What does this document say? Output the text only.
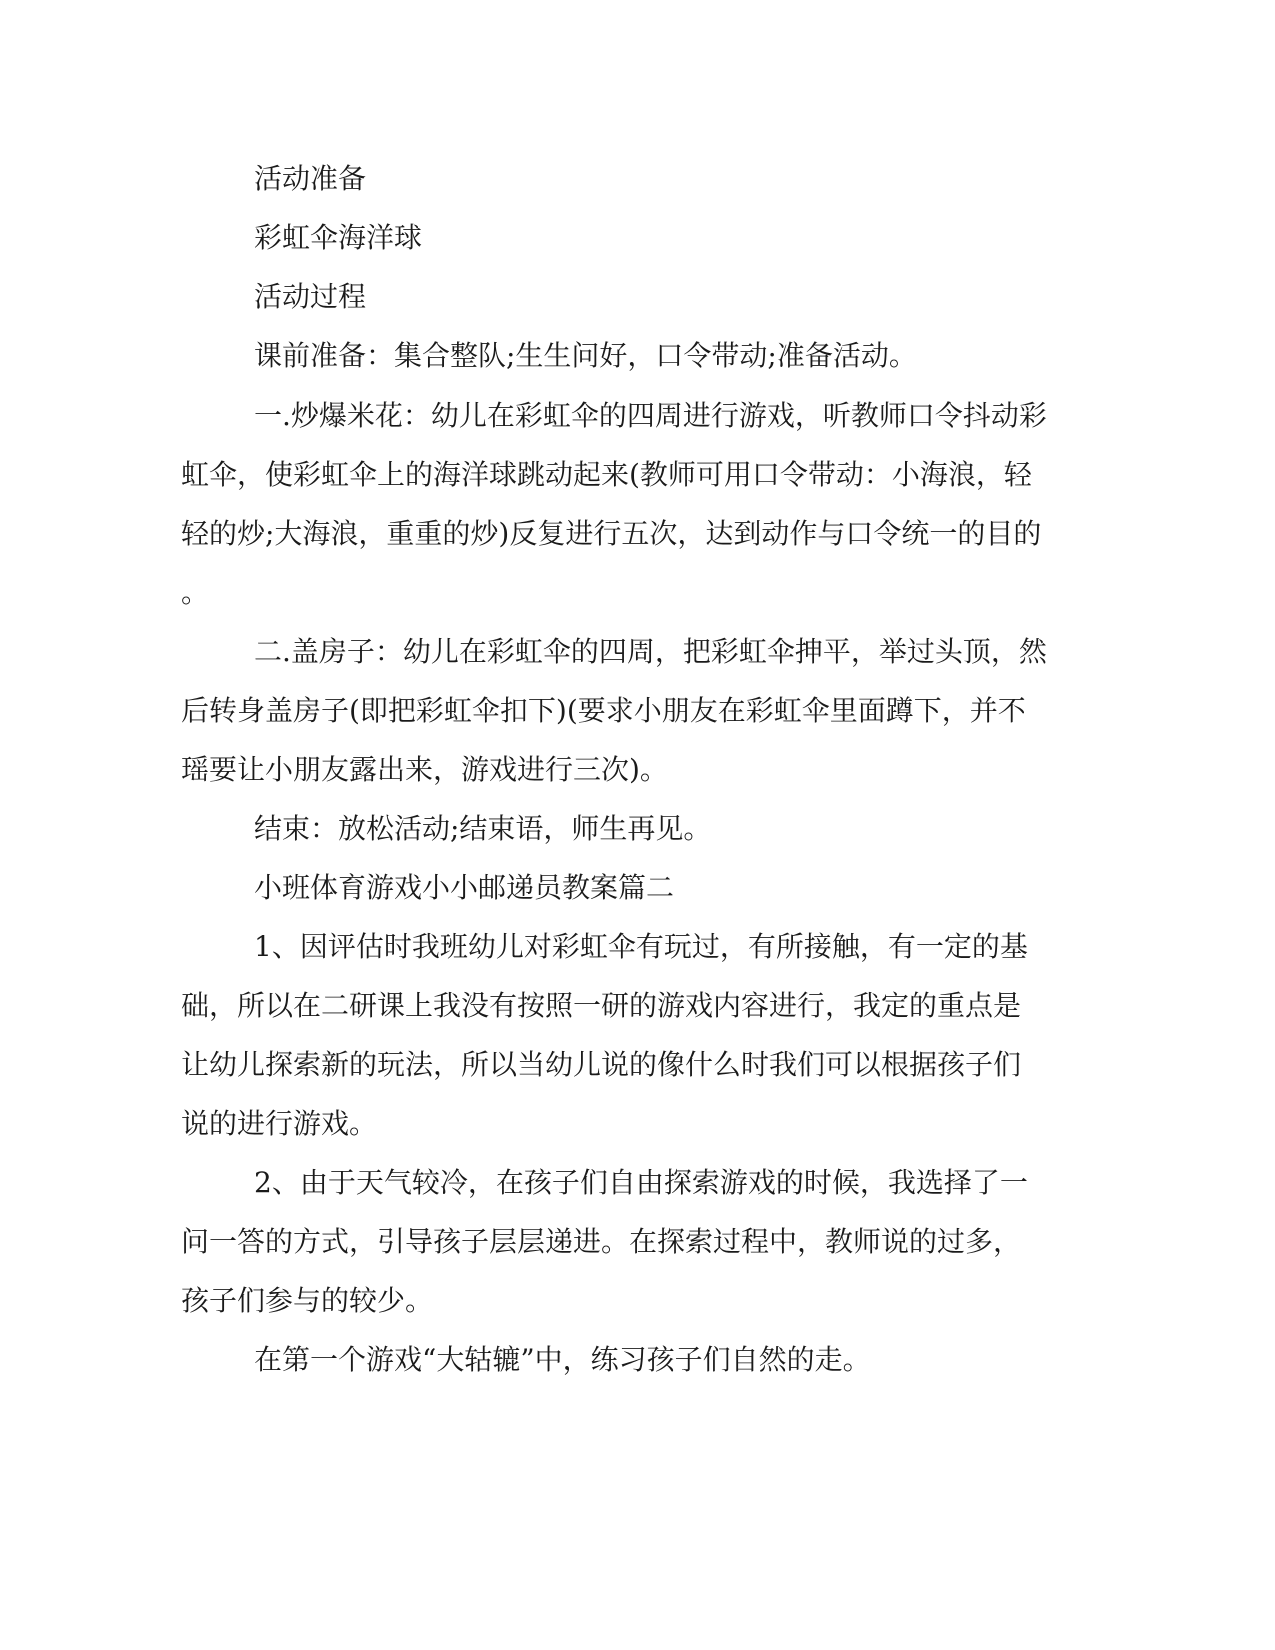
活动准备
彩虹伞海洋球
活动过程
课前准备：集合整队;生生问好，口令带动;准备活动。
一.炒爆米花：幼儿在彩虹伞的四周进行游戏，听教师口令抖动彩
虹伞，使彩虹伞上的海洋球跳动起来(教师可用口令带动：小海浪，轻
轻的炒;大海浪，重重的炒)反复进行五次，达到动作与口令统一的目的
。
二.盖房子：幼儿在彩虹伞的四周，把彩虹伞抻平，举过头顶，然
后转身盖房子(即把彩虹伞扣下)(要求小朋友在彩虹伞里面蹲下，并不
瑶要让小朋友露出来，游戏进行三次)。
结束：放松活动;结束语，师生再见。
小班体育游戏小小邮递员教案篇二
1、因评估时我班幼儿对彩虹伞有玩过，有所接触，有一定的基
础，所以在二研课上我没有按照一研的游戏内容进行，我定的重点是
让幼儿探索新的玩法，所以当幼儿说的像什么时我们可以根据孩子们
说的进行游戏。
2、由于天气较冷，在孩子们自由探索游戏的时候，我选择了一
问一答的方式，引导孩子层层递进。在探索过程中，教师说的过多，
孩子们参与的较少。
在第一个游戏“大轱辘”中，练习孩子们自然的走。
